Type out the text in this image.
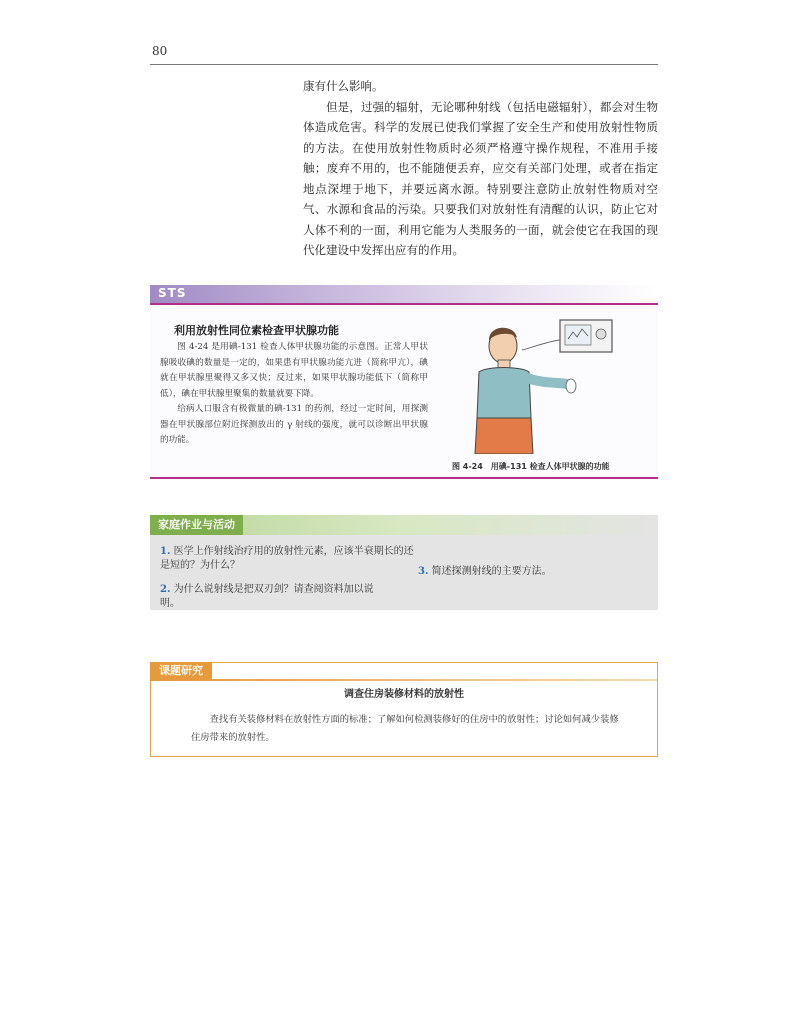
80

康有什么影响。

但是，过强的辐射，无论哪种射线（包括电磁辐射），都会对生物体造成危害。科学的发展已使我们掌握了安全生产和使用放射性物质的方法。在使用放射性物质时必须严格遵守操作规程，不准用手接触；废弃不用的，也不能随便丢弃，应交有关部门处理，或者在指定地点深埋于地下，并要远离水源。特别要注意防止放射性物质对空气、水源和食品的污染。只要我们对放射性有清醒的认识，防止它对人体不利的一面，利用它能为人类服务的一面，就会使它在我国的现代化建设中发挥出应有的作用。

STS
利用放射性同位素检查甲状腺功能

图 4-24 是用碘-131 检查人体甲状腺功能的示意图。正常人甲状腺吸收碘的数量是一定的，如果患有甲状腺功能亢进（简称甲亢），碘就在甲状腺里聚得又多又快；反过来，如果甲状腺功能低下（简称甲低），碘在甲状腺里聚集的数量就要下降。

给病人口服含有极微量的碘-131 的药剂，经过一定时间，用探测器在甲状腺部位附近探测放出的 γ 射线的强度，就可以诊断出甲状腺的功能。

图 4-24　用碘-131 检查人体甲状腺的功能
家庭作业与活动
1. 医学上作射线治疗用的放射性元素，应该半衰期长的还是短的？为什么？
2. 为什么说射线是把双刃剑？请查阅资料加以说明。
3. 简述探测射线的主要方法。
课题研究
调查住房装修材料的放射性

查找有关装修材料在放射性方面的标准；了解如何检测装修好的住房中的放射性；讨论如何减少装修住房带来的放射性。
